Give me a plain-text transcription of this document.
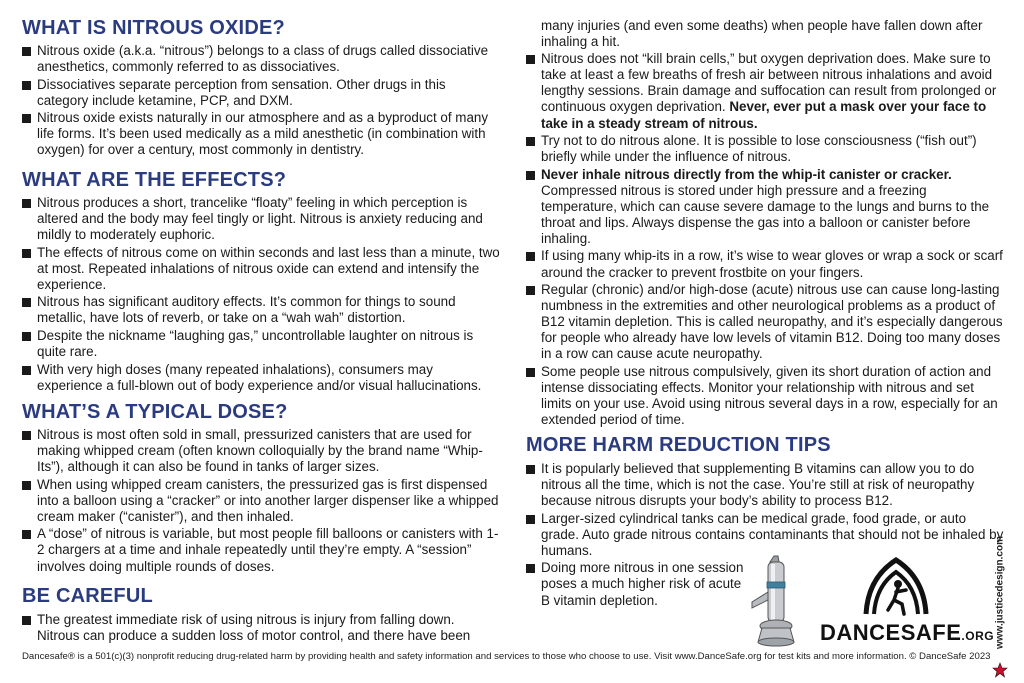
WHAT IS NITROUS OXIDE?
Nitrous oxide (a.k.a. “nitrous”) belongs to a class of drugs called dissociative anesthetics, commonly referred to as dissociatives.
Dissociatives separate perception from sensation. Other drugs in this category include ketamine, PCP, and DXM.
Nitrous oxide exists naturally in our atmosphere and as a byproduct of many life forms. It’s been used medically as a mild anesthetic (in combination with oxygen) for over a century, most commonly in dentistry.
WHAT ARE THE EFFECTS?
Nitrous produces a short, trancelike “floaty” feeling in which perception is altered and the body may feel tingly or light. Nitrous is anxiety reducing and mildly to moderately euphoric.
The effects of nitrous come on within seconds and last less than a minute, two at most. Repeated inhalations of nitrous oxide can extend and intensify the experience.
Nitrous has significant auditory effects. It’s common for things to sound metallic, have lots of reverb, or take on a “wah wah” distortion.
Despite the nickname “laughing gas,” uncontrollable laughter on nitrous is quite rare.
With very high doses (many repeated inhalations), consumers may experience a full-blown out of body experience and/or visual hallucinations.
WHAT’S A TYPICAL DOSE?
Nitrous is most often sold in small, pressurized canisters that are used for making whipped cream (often known colloquially by the brand name “Whip-Its”), although it can also be found in tanks of larger sizes.
When using whipped cream canisters, the pressurized gas is first dispensed into a balloon using a “cracker” or into another larger dispenser like a whipped cream maker (“canister”), and then inhaled.
A “dose” of nitrous is variable, but most people fill balloons or canisters with 1-2 chargers at a time and inhale repeatedly until they’re empty. A “session” involves doing multiple rounds of doses.
BE CAREFUL
The greatest immediate risk of using nitrous is injury from falling down. Nitrous can produce a sudden loss of motor control, and there have been
many injuries (and even some deaths) when people have fallen down after inhaling a hit.
Nitrous does not “kill brain cells,” but oxygen deprivation does. Make sure to take at least a few breaths of fresh air between nitrous inhalations and avoid lengthy sessions. Brain damage and suffocation can result from prolonged or continuous oxygen deprivation. Never, ever put a mask over your face to take in a steady stream of nitrous.
Try not to do nitrous alone. It is possible to lose consciousness (“fish out”) briefly while under the influence of nitrous.
Never inhale nitrous directly from the whip-it canister or cracker. Compressed nitrous is stored under high pressure and a freezing temperature, which can cause severe damage to the lungs and burns to the throat and lips. Always dispense the gas into a balloon or canister before inhaling.
If using many whip-its in a row, it’s wise to wear gloves or wrap a sock or scarf around the cracker to prevent frostbite on your fingers.
Regular (chronic) and/or high-dose (acute) nitrous use can cause long-lasting numbness in the extremities and other neurological problems as a product of B12 vitamin depletion. This is called neuropathy, and it’s especially dangerous for people who already have low levels of vitamin B12. Doing too many doses in a row can cause acute neuropathy.
Some people use nitrous compulsively, given its short duration of action and intense dissociating effects. Monitor your relationship with nitrous and set limits on your use. Avoid using nitrous several days in a row, especially for an extended period of time.
MORE HARM REDUCTION TIPS
It is popularly believed that supplementing B vitamins can allow you to do nitrous all the time, which is not the case. You’re still at risk of neuropathy because nitrous disrupts your body’s ability to process B12.
Larger-sized cylindrical tanks can be medical grade, food grade, or auto grade. Auto grade nitrous contains contaminants that should not be inhaled by humans.
Doing more nitrous in one session
poses a much higher risk of acute
B vitamin depletion.
DANCESAFE.ORG www.justicedesign.com
Dancesafe® is a 501(c)(3) nonprofit reducing drug-related harm by providing health and safety information and services to those who choose to use. Visit www.DanceSafe.org for test kits and more information. © DanceSafe 2023
